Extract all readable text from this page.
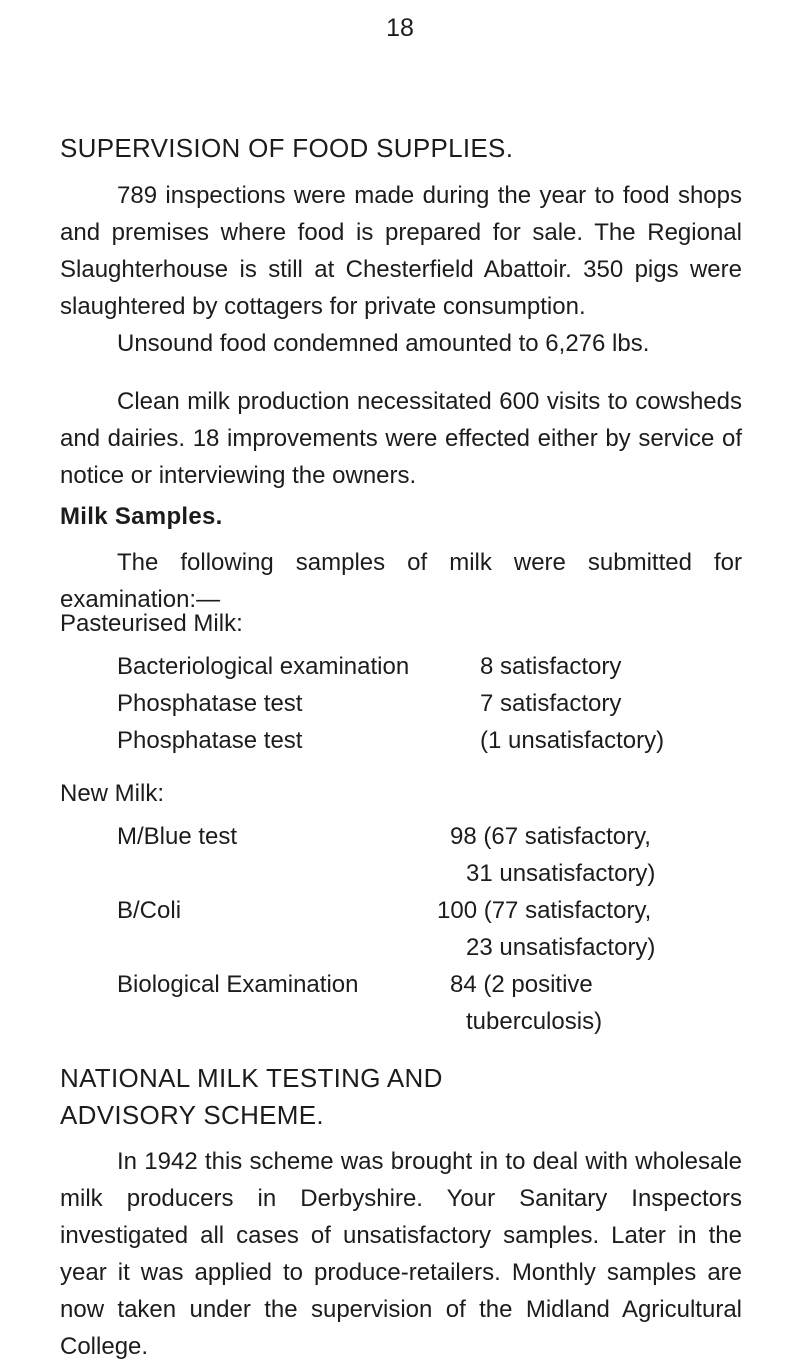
18
SUPERVISION OF FOOD SUPPLIES.
789 inspections were made during the year to food shops and premises where food is prepared for sale. The Regional Slaughterhouse is still at Chesterfield Abattoir. 350 pigs were slaughtered by cottagers for private consumption.
Unsound food condemned amounted to 6,276 lbs.
Clean milk production necessitated 600 visits to cowsheds and dairies. 18 improvements were effected either by service of notice or interviewing the owners.
Milk Samples.
The following samples of milk were submitted for examination:—
Pasteurised Milk:
Bacteriological examination	8 satisfactory
Phosphatase test	7 satisfactory
Phosphatase test	(1 unsatisfactory)
New Milk:
M/Blue test	98 (67 satisfactory,
31 unsatisfactory)
B/Coli	100 (77 satisfactory,
23 unsatisfactory)
Biological Examination	84 (2 positive
tuberculosis)
NATIONAL MILK TESTING AND
ADVISORY SCHEME.
In 1942 this scheme was brought in to deal with wholesale milk producers in Derbyshire. Your Sanitary Inspectors investigated all cases of unsatisfactory samples. Later in the year it was applied to produce-retailers. Monthly samples are now taken under the supervision of the Midland Agricultural College.
